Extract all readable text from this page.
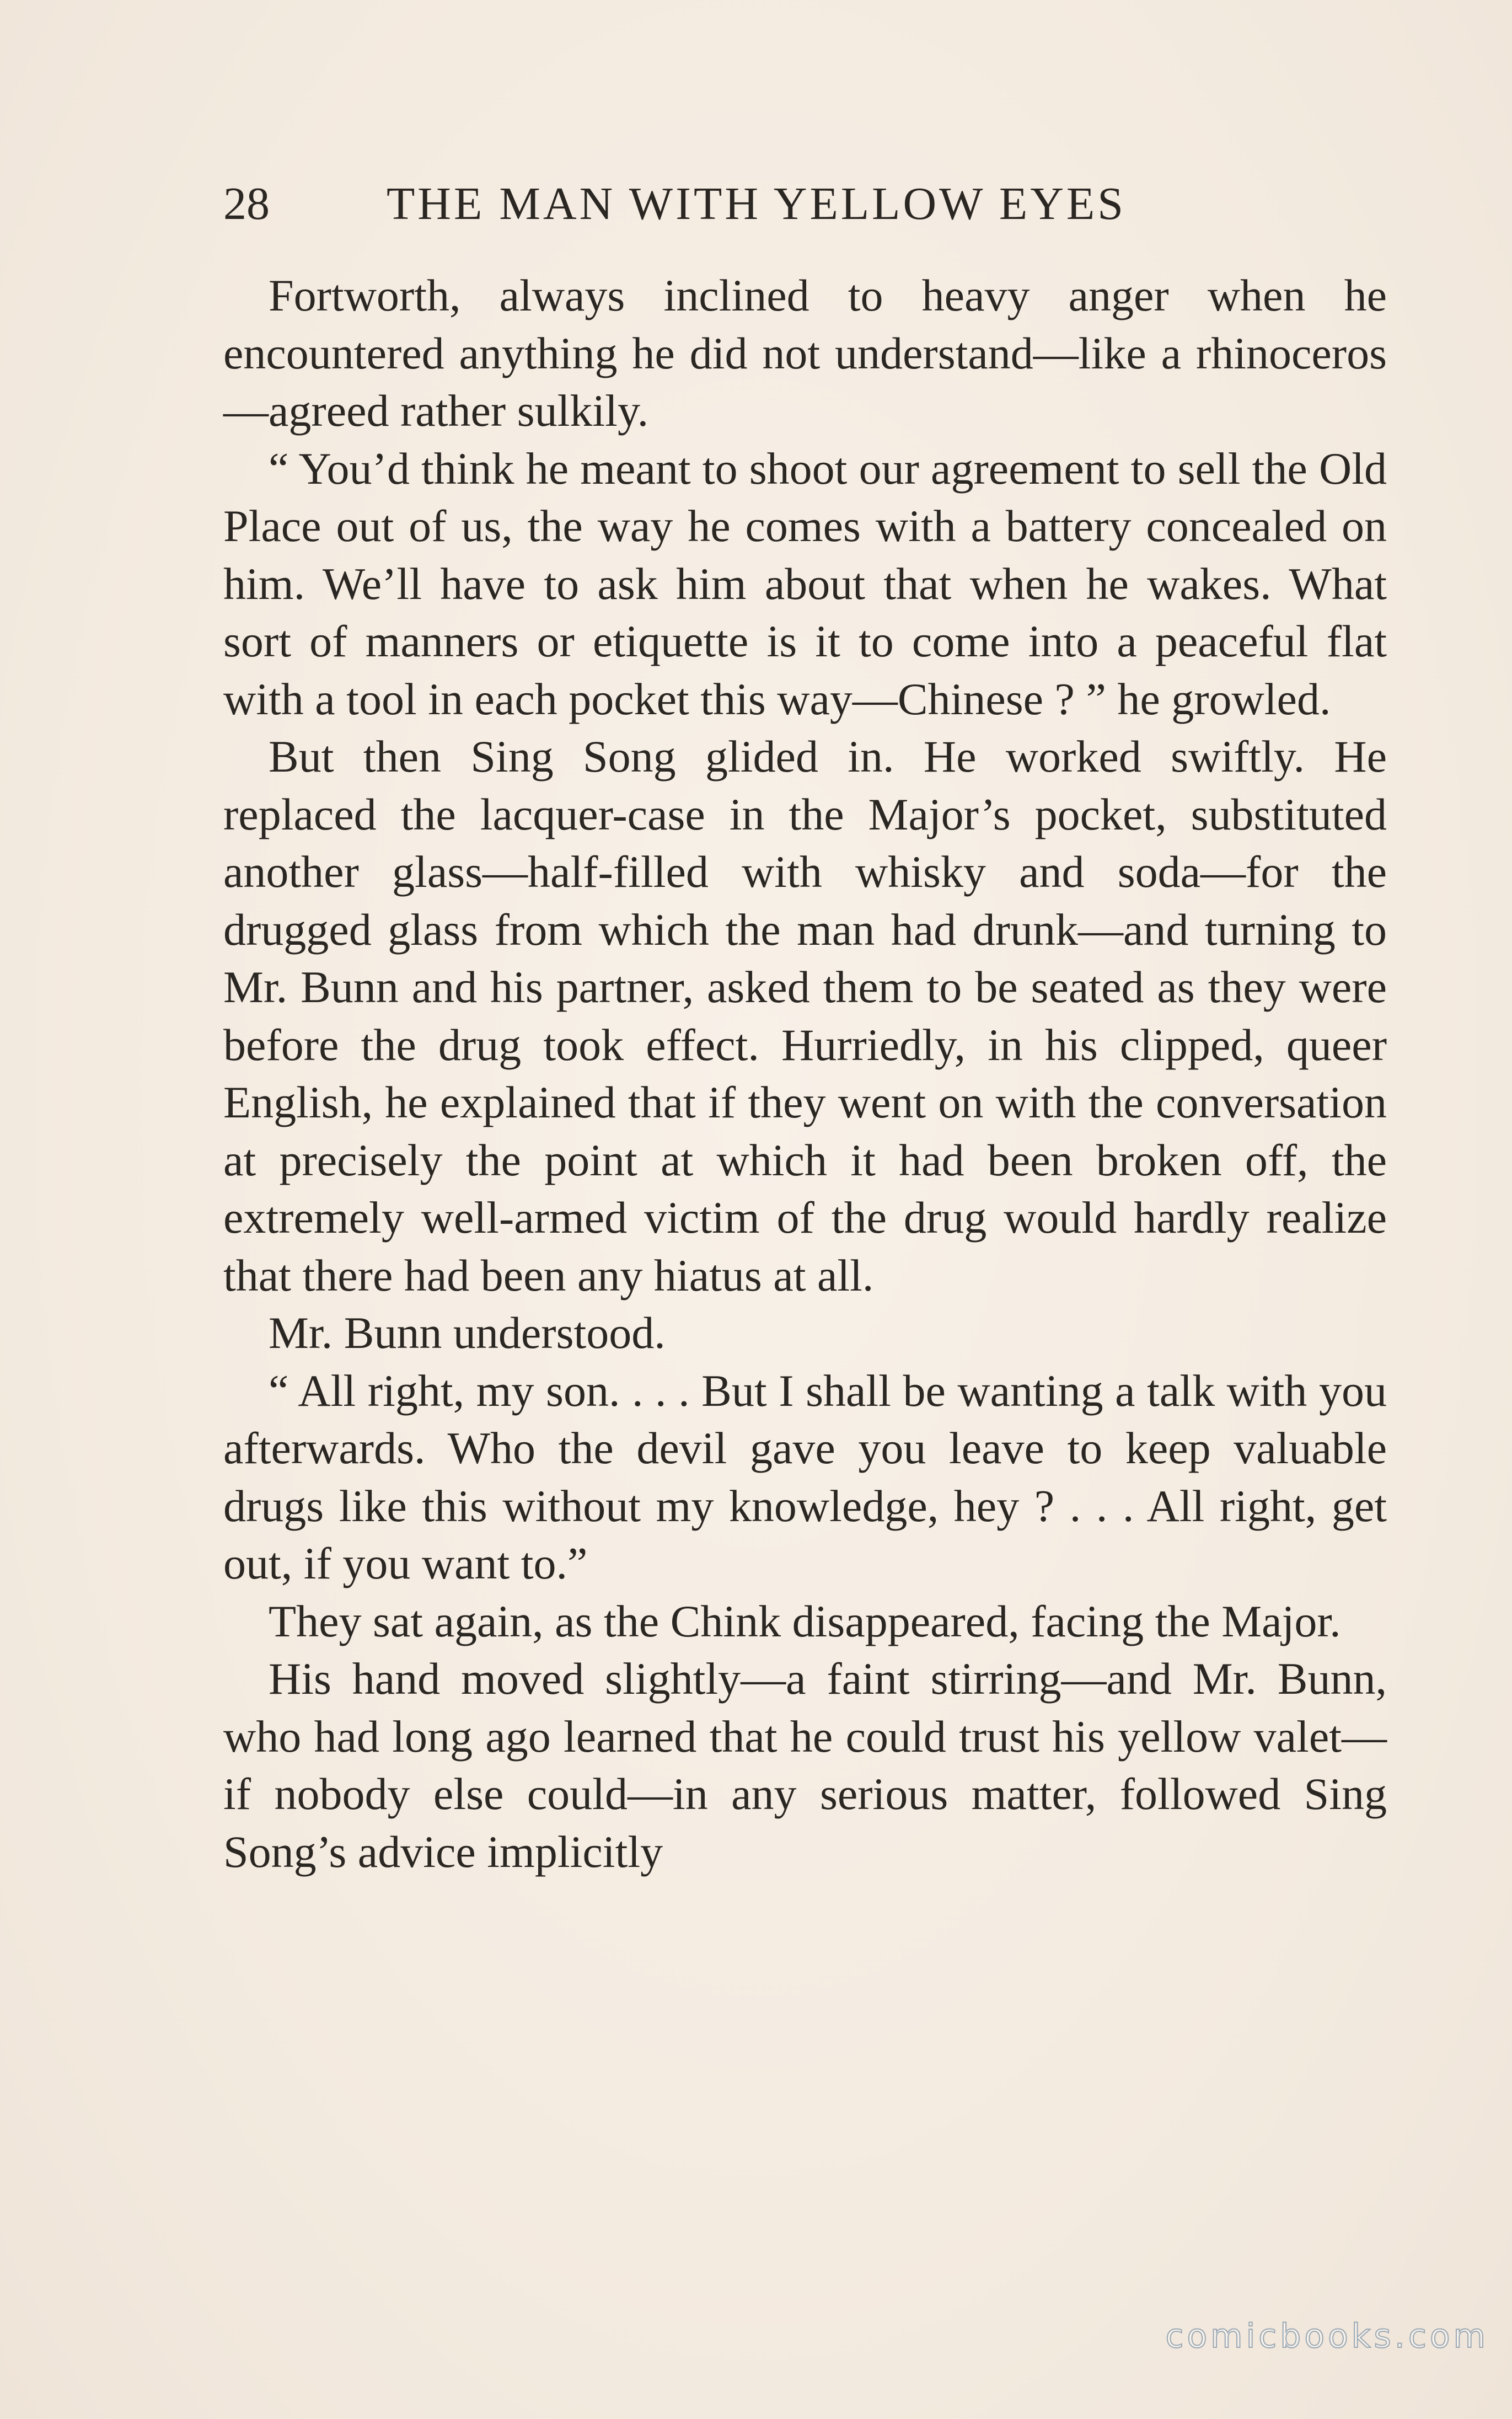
28	THE MAN WITH YELLOW EYES

Fortworth, always inclined to heavy anger when he encountered anything he did not understand—like a rhinoceros—agreed rather sulkily.

“ You’d think he meant to shoot our agreement to sell the Old Place out of us, the way he comes with a battery concealed on him. We’ll have to ask him about that when he wakes. What sort of manners or etiquette is it to come into a peaceful flat with a tool in each pocket this way—Chinese ? ” he growled.

But then Sing Song glided in. He worked swiftly. He replaced the lacquer-case in the Major’s pocket, substituted another glass—half-filled with whisky and soda—for the drugged glass from which the man had drunk—and turning to Mr. Bunn and his partner, asked them to be seated as they were before the drug took effect. Hurriedly, in his clipped, queer English, he explained that if they went on with the conversation at precisely the point at which it had been broken off, the extremely well-armed victim of the drug would hardly realize that there had been any hiatus at all.

Mr. Bunn understood.

“ All right, my son. . . . But I shall be wanting a talk with you afterwards. Who the devil gave you leave to keep valuable drugs like this without my knowledge, hey ? . . . All right, get out, if you want to.”

They sat again, as the Chink disappeared, facing the Major.

His hand moved slightly—a faint stirring—and Mr. Bunn, who had long ago learned that he could trust his yellow valet—if nobody else could—in any serious matter, followed Sing Song’s advice implicitly

comicbooks.com
